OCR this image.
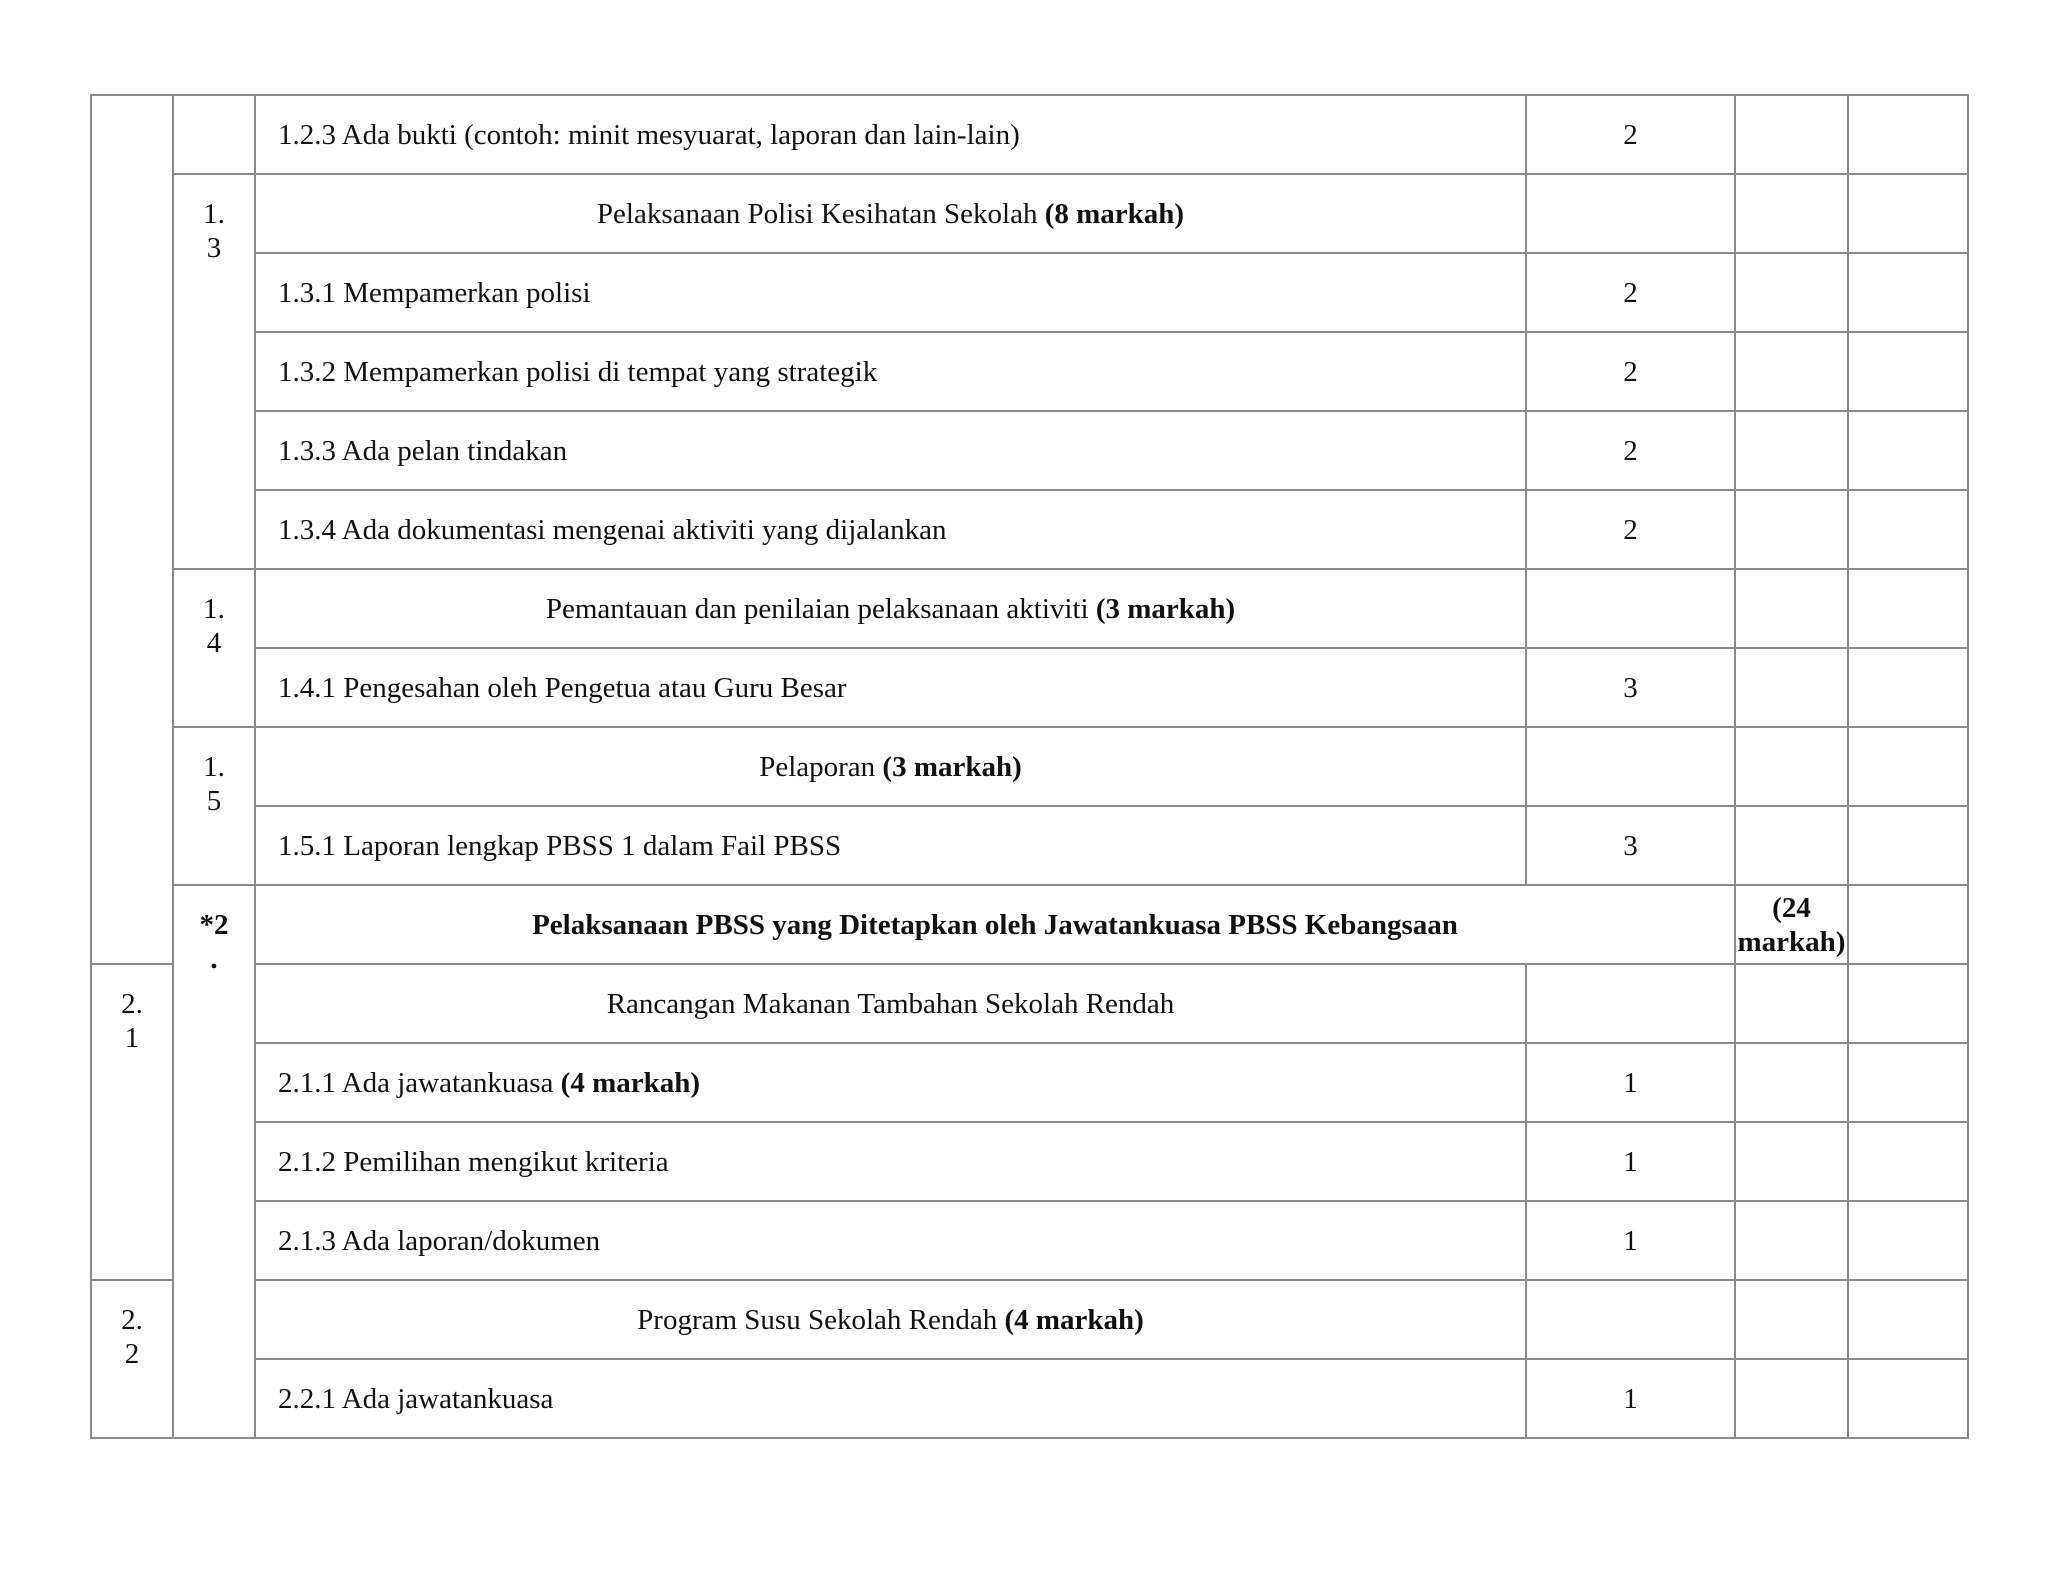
		1.2.3 Ada bukti (contoh: minit mesyuarat, laporan dan lain-lain)	2			

	1.
3	Pelaksanaan Polisi Kesihatan Sekolah (8 markah)				
		1.3.1 Mempamerkan polisi	2			
		1.3.2 Mempamerkan polisi di tempat yang strategik	2			
		1.3.3 Ada pelan tindakan	2			
		1.3.4 Ada dokumentasi mengenai aktiviti yang dijalankan	2			

	1.
4	Pemantauan dan penilaian pelaksanaan aktiviti (3 markah)				
		1.4.1 Pengesahan oleh Pengetua atau Guru Besar	3			

	1.
5	Pelaporan (3 markah)				
		1.5.1 Laporan lengkap PBSS 1 dalam Fail PBSS	3			

	*2
.	Pelaksanaan PBSS yang Ditetapkan oleh Jawatankuasa PBSS Kebangsaan		(24 markah)		

2.
1		Rancangan Makanan Tambahan Sekolah Rendah				
		2.1.1 Ada jawatankuasa (4 markah)	1			
		2.1.2 Pemilihan mengikut kriteria	1			
		2.1.3 Ada laporan/dokumen	1			

2.
2		Program Susu Sekolah Rendah (4 markah)				
		2.2.1 Ada jawatankuasa	1			
